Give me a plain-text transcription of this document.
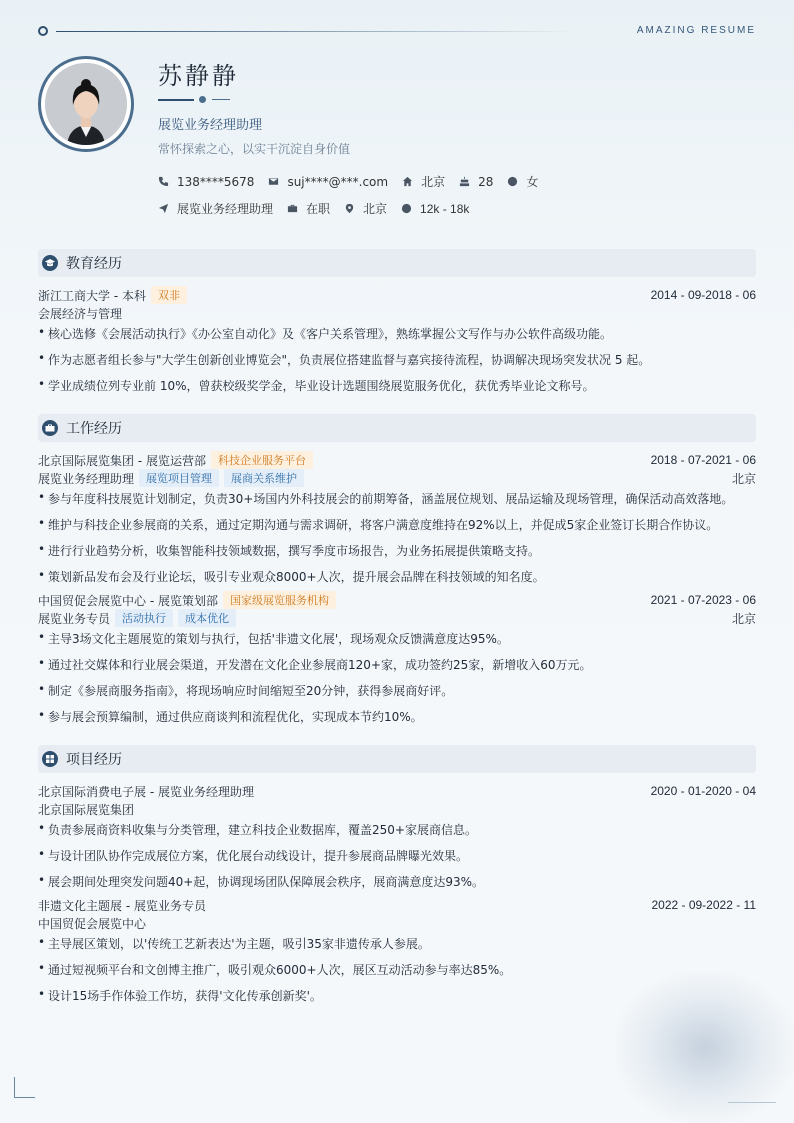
AMAZING RESUME
苏静静
展览业务经理助理
常怀探索之心，以实干沉淀自身价值
138****5678	suj****@***.com	北京	28	女
展览业务经理助理	在职	北京	12k - 18k
教育经历
浙江工商大学 - 本科	双非	2014 - 09-2018 - 06
会展经济与管理
• 核心选修《会展活动执行》《办公室自动化》及《客户关系管理》，熟练掌握公文写作与办公软件高级功能。
• 作为志愿者组长参与"大学生创新创业博览会"，负责展位搭建监督与嘉宾接待流程，协调解决现场突发状况 5 起。
• 学业成绩位列专业前 10%，曾获校级奖学金，毕业设计选题围绕展览服务优化，获优秀毕业论文称号。
工作经历
北京国际展览集团 - 展览运营部	科技企业服务平台	2018 - 07-2021 - 06
展览业务经理助理	展览项目管理	展商关系维护	北京
• 参与年度科技展览计划制定，负责30+场国内外科技展会的前期筹备，涵盖展位规划、展品运输及现场管理，确保活动高效落地。
• 维护与科技企业参展商的关系，通过定期沟通与需求调研，将客户满意度维持在92%以上，并促成5家企业签订长期合作协议。
• 进行行业趋势分析，收集智能科技领域数据，撰写季度市场报告，为业务拓展提供策略支持。
• 策划新品发布会及行业论坛，吸引专业观众8000+人次，提升展会品牌在科技领域的知名度。
中国贸促会展览中心 - 展览策划部	国家级展览服务机构	2021 - 07-2023 - 06
展览业务专员	活动执行	成本优化	北京
• 主导3场文化主题展览的策划与执行，包括'非遗文化展'，现场观众反馈满意度达95%。
• 通过社交媒体和行业展会渠道，开发潜在文化企业参展商120+家，成功签约25家，新增收入60万元。
• 制定《参展商服务指南》，将现场响应时间缩短至20分钟，获得参展商好评。
• 参与展会预算编制，通过供应商谈判和流程优化，实现成本节约10%。
项目经历
北京国际消费电子展 - 展览业务经理助理	2020 - 01-2020 - 04
北京国际展览集团
• 负责参展商资料收集与分类管理，建立科技企业数据库，覆盖250+家展商信息。
• 与设计团队协作完成展位方案，优化展台动线设计，提升参展商品牌曝光效果。
• 展会期间处理突发问题40+起，协调现场团队保障展会秩序，展商满意度达93%。
非遗文化主题展 - 展览业务专员	2022 - 09-2022 - 11
中国贸促会展览中心
• 主导展区策划，以'传统工艺新表达'为主题，吸引35家非遗传承人参展。
• 通过短视频平台和文创博主推广，吸引观众6000+人次，展区互动活动参与率达85%。
• 设计15场手作体验工作坊，获得'文化传承创新奖'。
